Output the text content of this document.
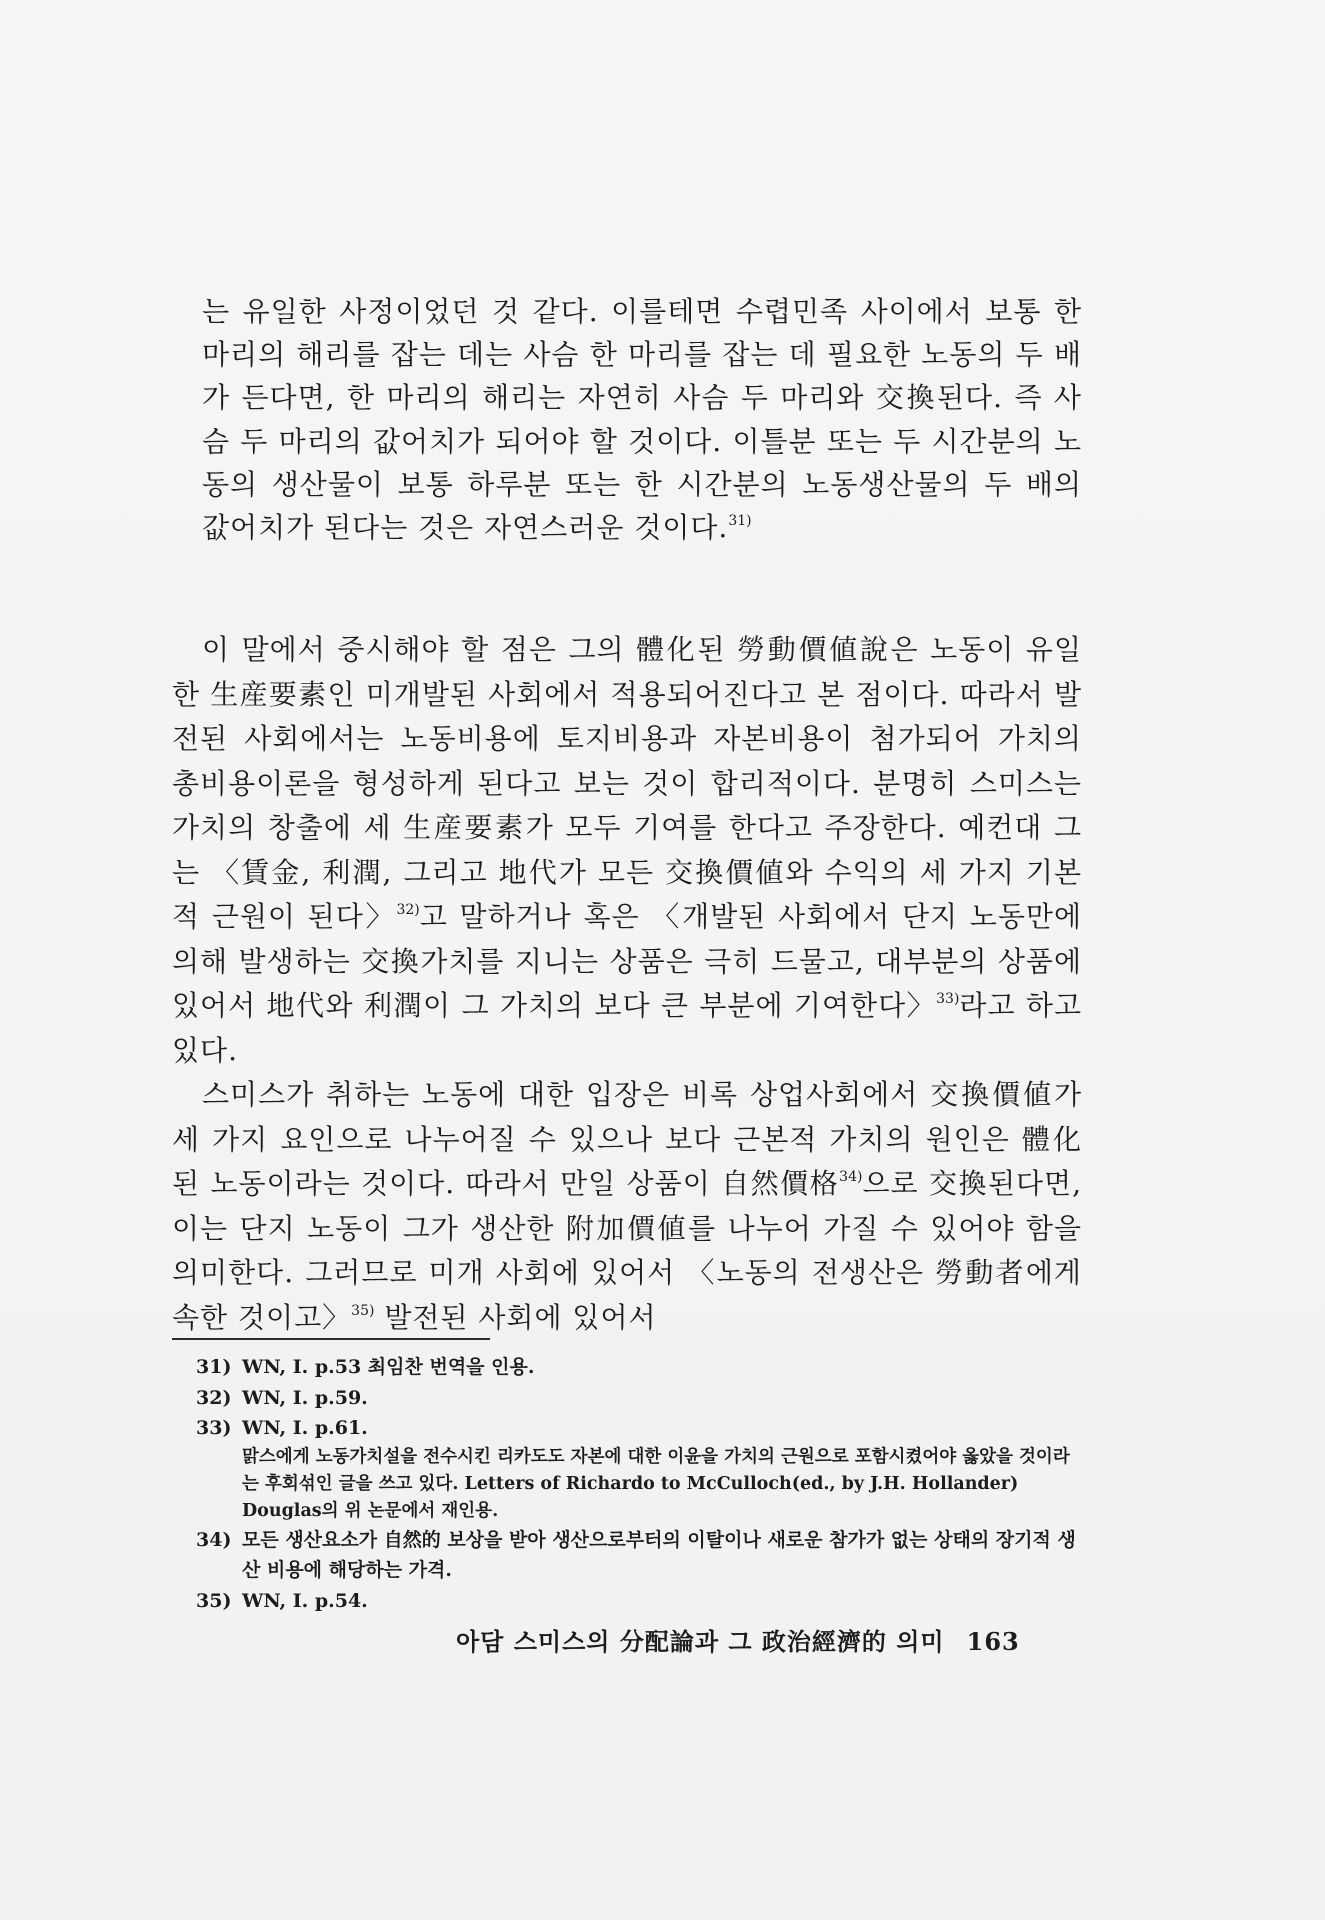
는 유일한 사정이었던 것 같다. 이를테면 수렵민족 사이에서 보통 한 마리의 해리를 잡는 데는 사슴 한 마리를 잡는 데 필요한 노동의 두 배가 든다면, 한 마리의 해리는 자연히 사슴 두 마리와 交換된다. 즉 사슴 두 마리의 값어치가 되어야 할 것이다. 이틀분 또는 두 시간분의 노동의 생산물이 보통 하루분 또는 한 시간분의 노동생산물의 두 배의 값어치가 된다는 것은 자연스러운 것이다.$^{31)}$

이 말에서 중시해야 할 점은 그의 體化된 勞動價値說은 노동이 유일한 生産要素인 미개발된 사회에서 적용되어진다고 본 점이다. 따라서 발전된 사회에서는 노동비용에 토지비용과 자본비용이 첨가되어 가치의 총비용이론을 형성하게 된다고 보는 것이 합리적이다. 분명히 스미스는 가치의 창출에 세 生産要素가 모두 기여를 한다고 주장한다. 예컨대 그는 〈賃金, 利潤, 그리고 地代가 모든 交換價値와 수익의 세 가지 기본적 근원이 된다〉$^{32)}$고 말하거나 혹은 〈개발된 사회에서 단지 노동만에 의해 발생하는 交換가치를 지니는 상품은 극히 드물고, 대부분의 상품에 있어서 地代와 利潤이 그 가치의 보다 큰 부분에 기여한다〉$^{33)}$라고 하고 있다.

스미스가 취하는 노동에 대한 입장은 비록 상업사회에서 交換價値가 세 가지 요인으로 나누어질 수 있으나 보다 근본적 가치의 원인은 體化된 노동이라는 것이다. 따라서 만일 상품이 自然價格$^{34)}$으로 交換된다면, 이는 단지 노동이 그가 생산한 附加價値를 나누어 가질 수 있어야 함을 의미한다. 그러므로 미개 사회에 있어서 〈노동의 전생산은 勞動者에게 속한 것이고〉$^{35)}$ 발전된 사회에 있어서

31) WN, I. p.53 최임찬 번역을 인용.
32) WN, I. p.59.
33) WN, I. p.61.
맑스에게 노동가치설을 전수시킨 리카도도 자본에 대한 이윤을 가치의 근원으로 포함시켰어야 옳았을 것이라는 후회섞인 글을 쓰고 있다. Letters of Richardo to McCulloch(ed., by J.H. Hollander) Douglas의 위 논문에서 재인용.
34) 모든 생산요소가 自然的 보상을 받아 생산으로부터의 이탈이나 새로운 참가가 없는 상태의 장기적 생산 비용에 해당하는 가격.
35) WN, I. p.54.
아담 스미스의 分配論과 그 政治經濟的 의미 163
